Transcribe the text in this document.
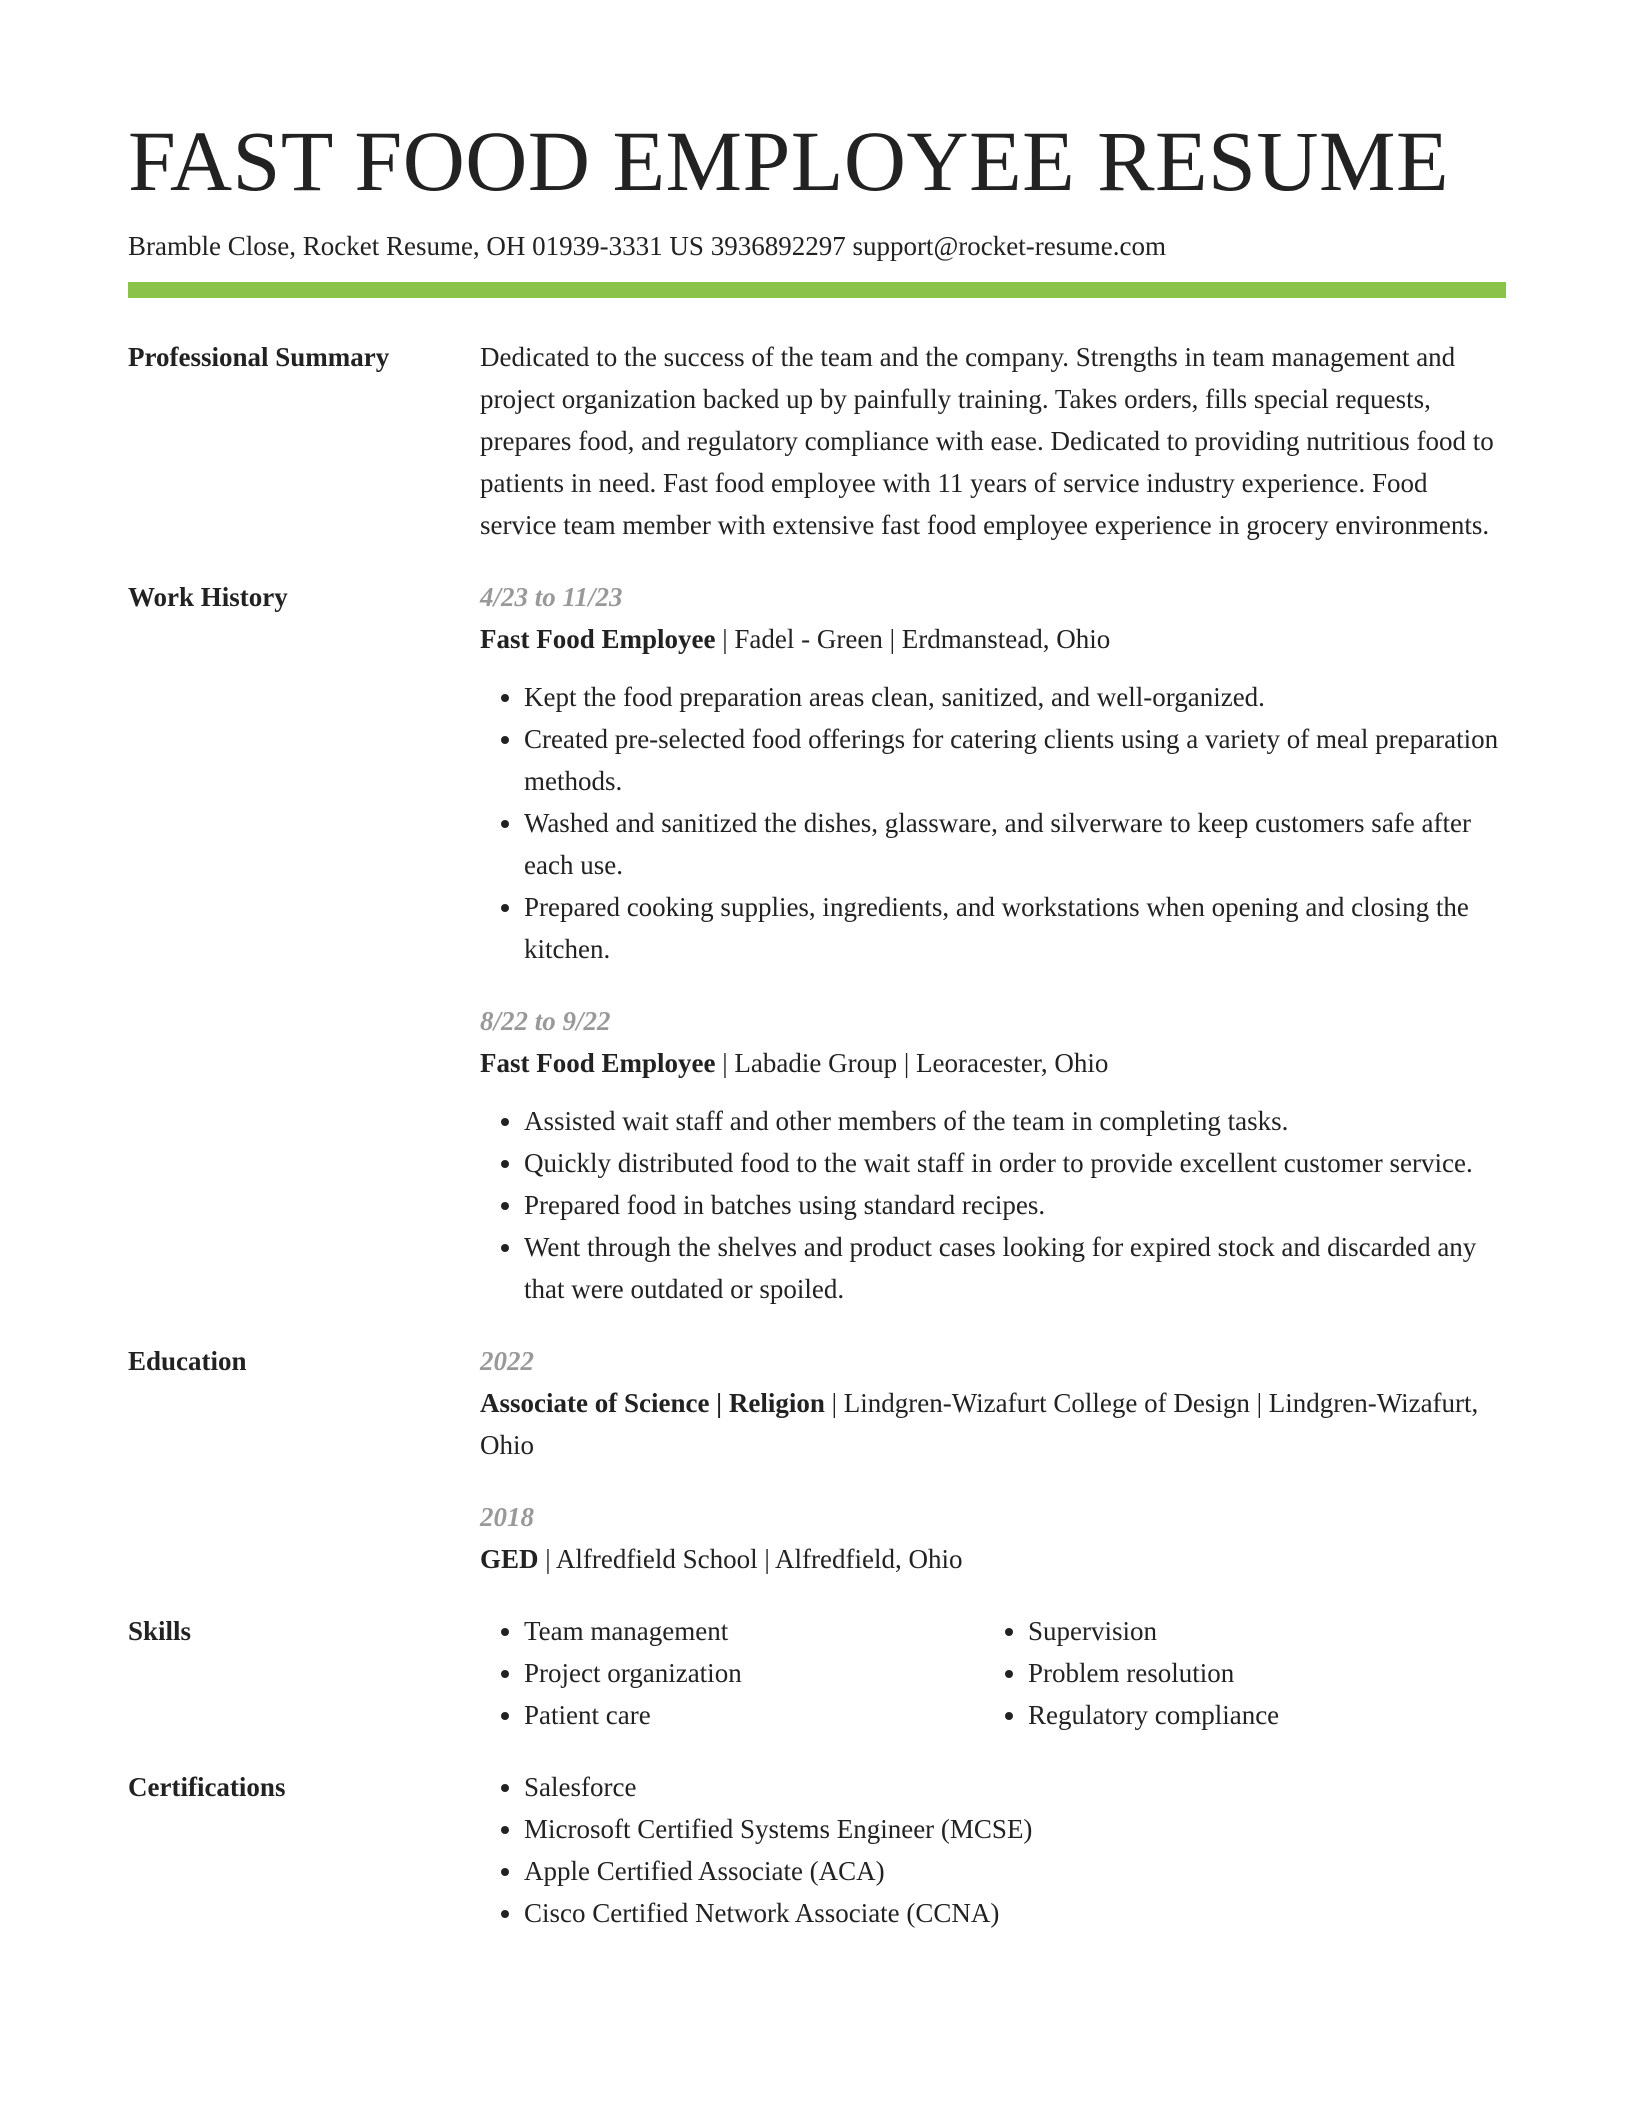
FAST FOOD EMPLOYEE RESUME
Bramble Close, Rocket Resume, OH 01939-3331 US 3936892297 support@rocket-resume.com
Professional Summary	Dedicated to the success of the team and the company. Strengths in team management and project organization backed up by painfully training. Takes orders, fills special requests, prepares food, and regulatory compliance with ease. Dedicated to providing nutritious food to patients in need. Fast food employee with 11 years of service industry experience. Food service team member with extensive fast food employee experience in grocery environments.

Work History	4/23 to 11/23

Fast Food Employee | Fadel - Green | Erdmanstead, Ohio

• Kept the food preparation areas clean, sanitized, and well-organized.
• Created pre-selected food offerings for catering clients using a variety of meal preparation methods.
• Washed and sanitized the dishes, glassware, and silverware to keep customers safe after each use.
• Prepared cooking supplies, ingredients, and workstations when opening and closing the kitchen.
8/22 to 9/22

Fast Food Employee | Labadie Group | Leoracester, Ohio

• Assisted wait staff and other members of the team in completing tasks.
• Quickly distributed food to the wait staff in order to provide excellent customer service.
• Prepared food in batches using standard recipes.
• Went through the shelves and product cases looking for expired stock and discarded any that were outdated or spoiled.
Education	2022

Associate of Science | Religion | Lindgren-Wizafurt College of Design | Lindgren-Wizafurt, Ohio

2018

GED | Alfredfield School | Alfredfield, Ohio

Skills	• Team management
• Project organization
• Patient care
• Supervision
• Problem resolution
• Regulatory compliance
Certifications	• Salesforce
• Microsoft Certified Systems Engineer (MCSE)
• Apple Certified Associate (ACA)
• Cisco Certified Network Associate (CCNA)
